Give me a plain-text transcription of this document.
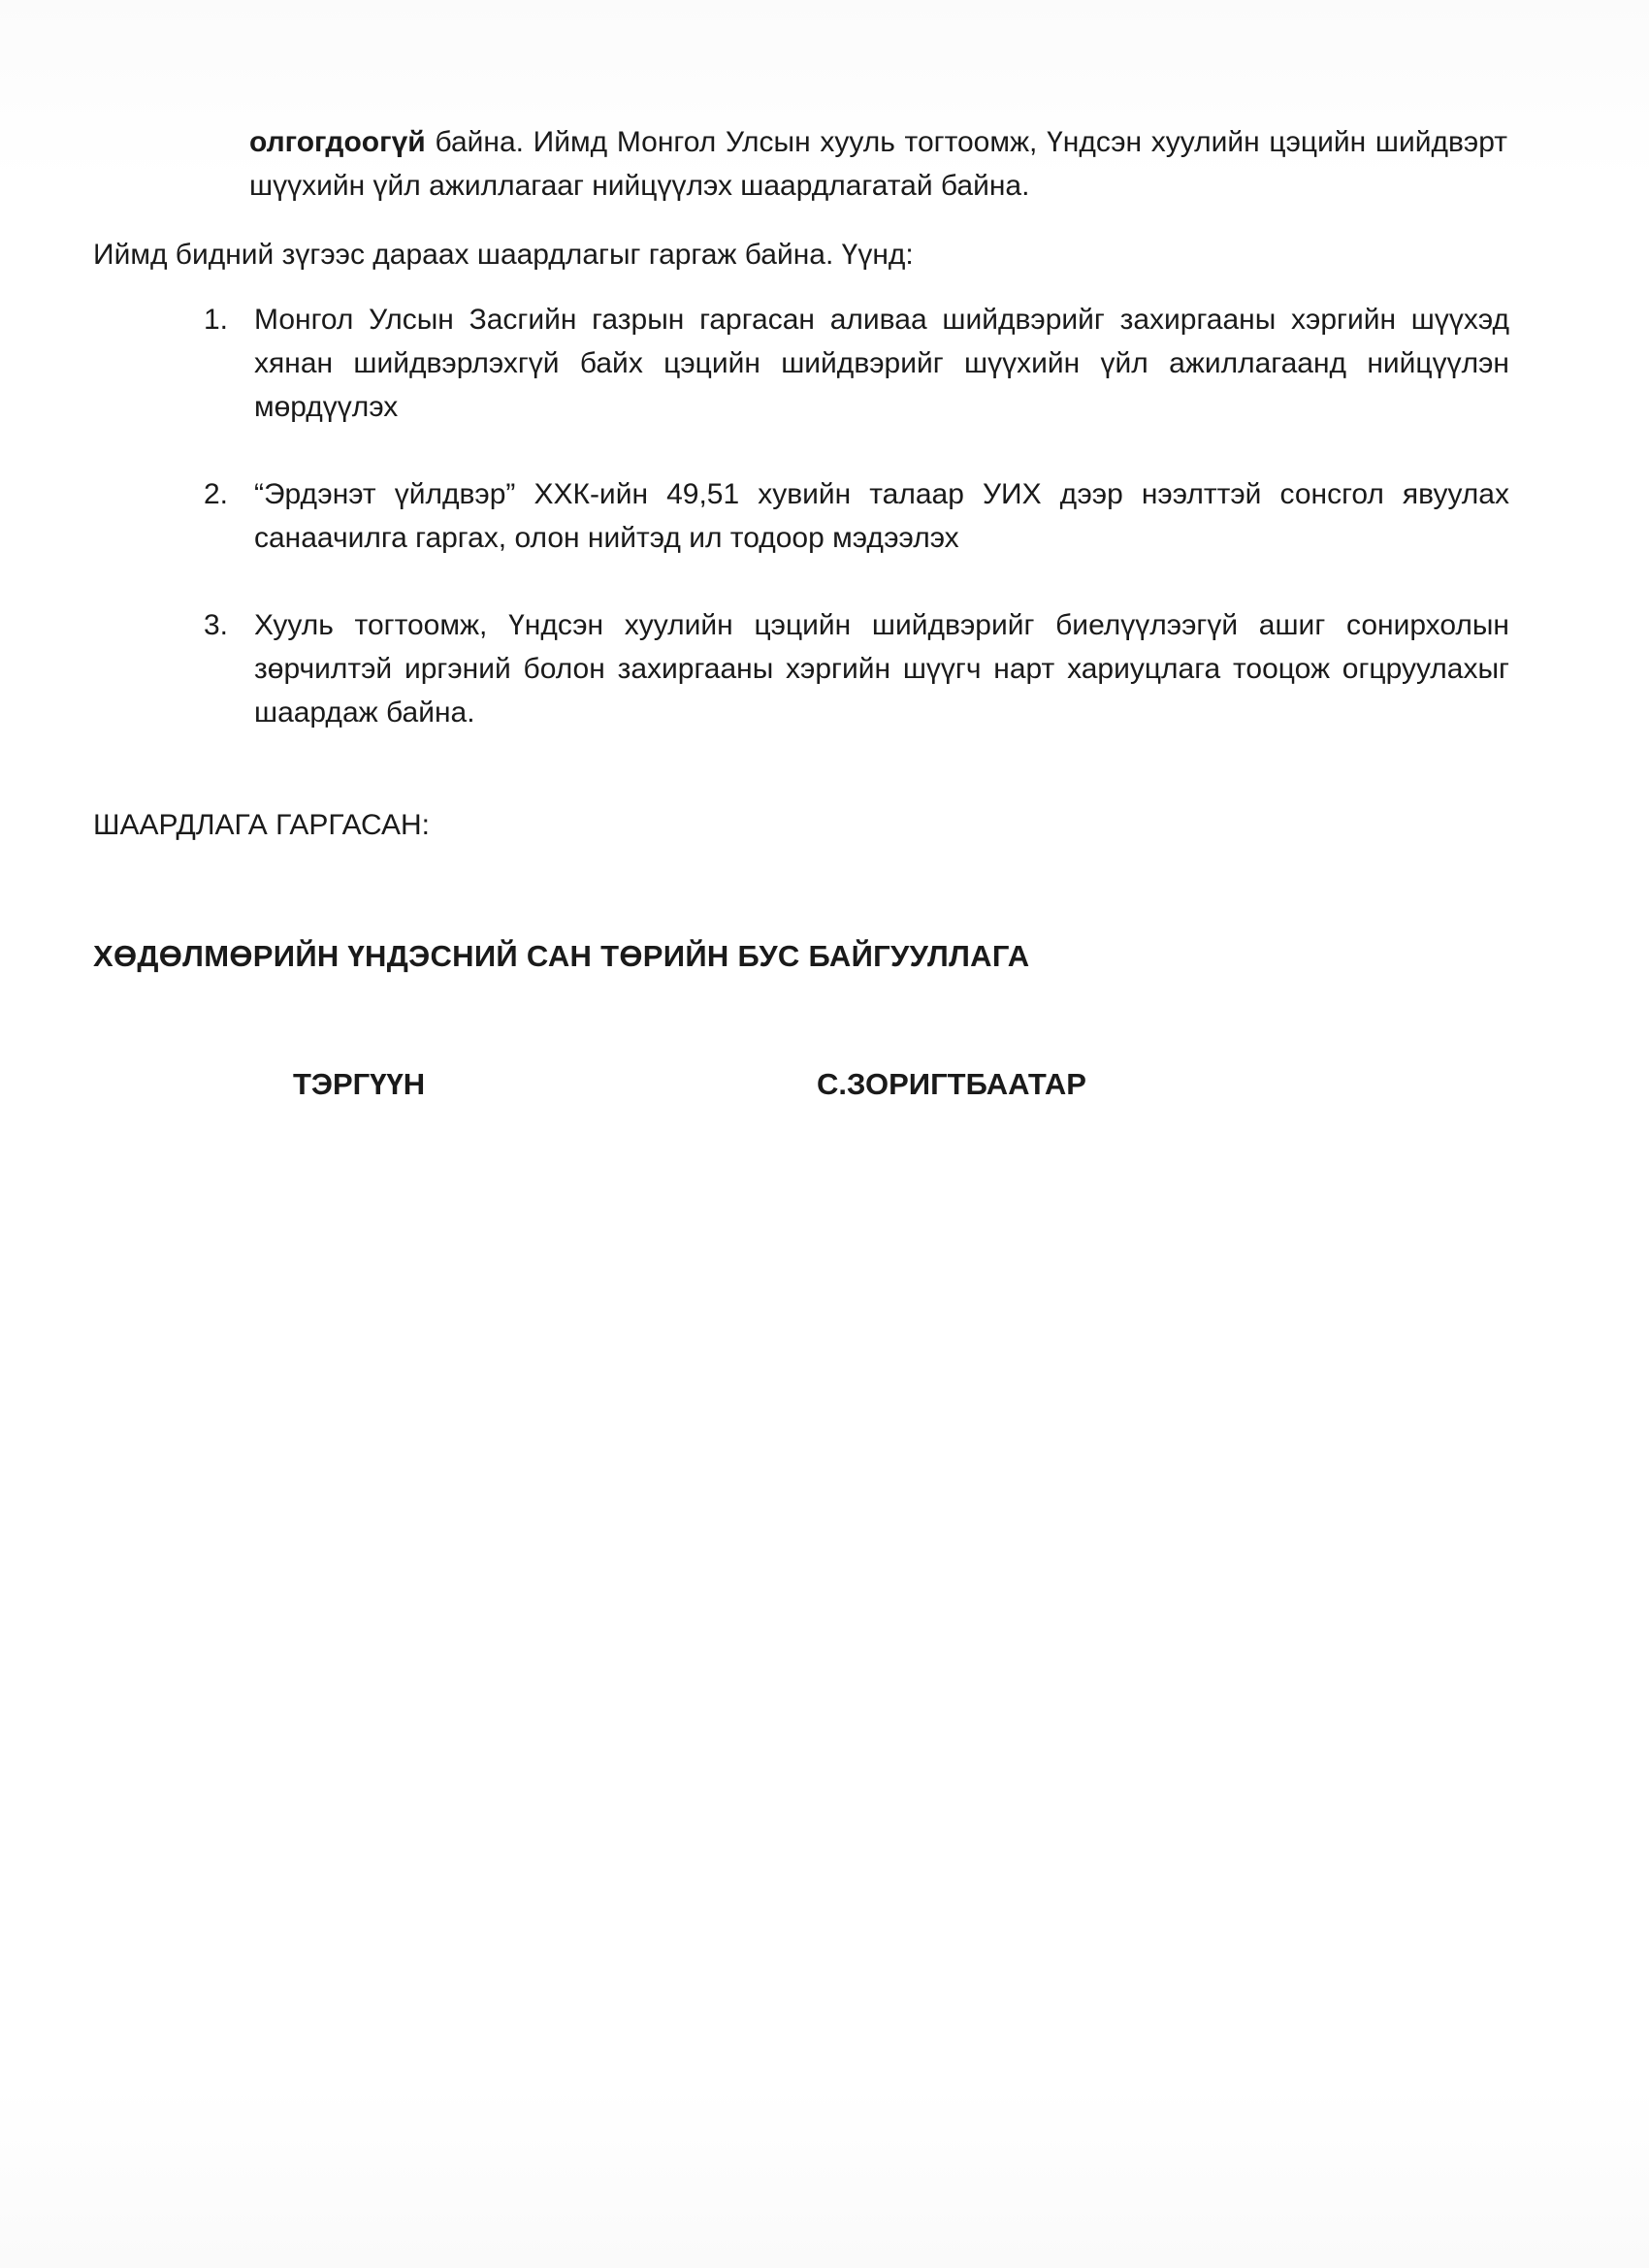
олгогдоогүй байна. Иймд Монгол Улсын хууль тогтоомж, Үндсэн хуулийн цэцийн шийдвэрт шүүхийн үйл ажиллагааг нийцүүлэх шаардлагатай байна.

Иймд бидний зүгээс дараах шаардлагыг гаргаж байна. Үүнд:

1. Монгол Улсын Засгийн газрын гаргасан аливаа шийдвэрийг захиргааны хэргийн шүүхэд хянан шийдвэрлэхгүй байх цэцийн шийдвэрийг шүүхийн үйл ажиллагаанд нийцүүлэн мөрдүүлэх
2. “Эрдэнэт үйлдвэр” ХХК-ийн 49,51 хувийн талаар УИХ дээр нээлттэй сонсгол явуулах санаачилга гаргах, олон нийтэд ил тодоор мэдээлэх
3. Хууль тогтоомж, Үндсэн хуулийн цэцийн шийдвэрийг биелүүлээгүй ашиг сонирхолын зөрчилтэй иргэний болон захиргааны хэргийн шүүгч нарт хариуцлага тооцож огцруулахыг шаардаж байна.
ШААРДЛАГА ГАРГАСАН:
ХӨДӨЛМӨРИЙН ҮНДЭСНИЙ САН ТӨРИЙН БУС БАЙГУУЛЛАГА
ТЭРГҮҮН	С.ЗОРИГТБААТАР
